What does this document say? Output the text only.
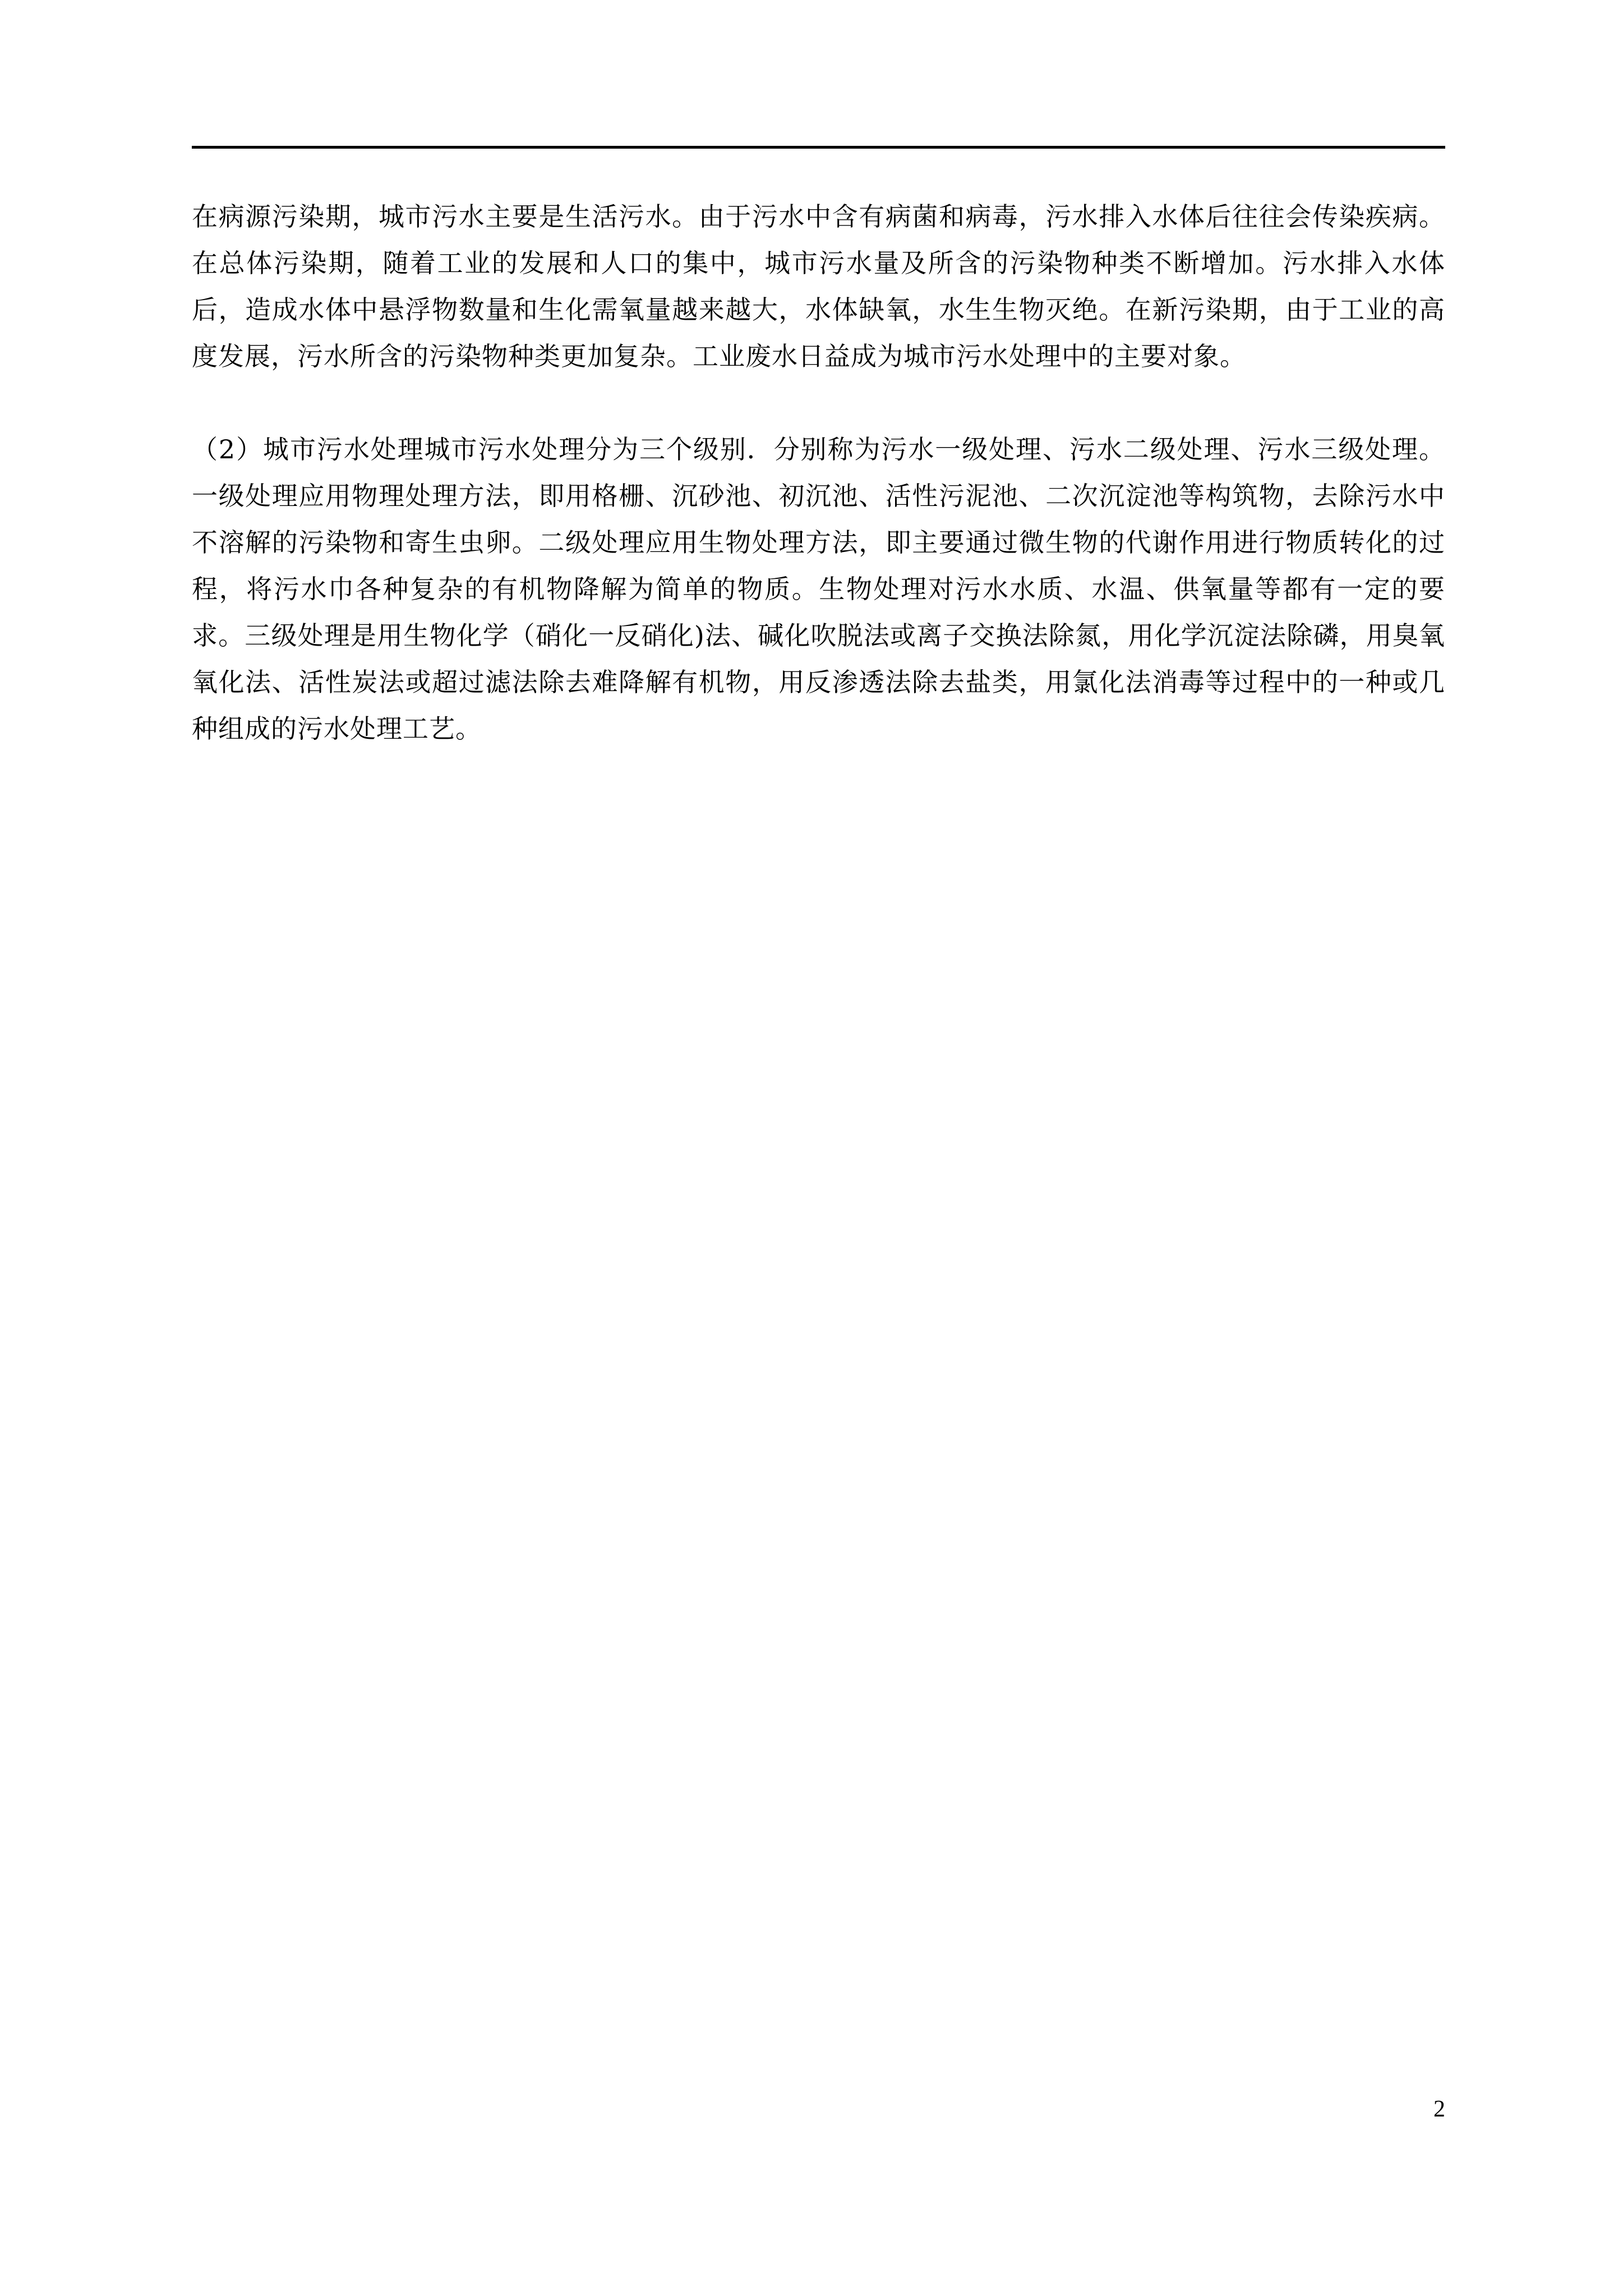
在病源污染期，城市污水主要是生活污水。由于污水中含有病菌和病毒，污水排入水体后往往会传染疾病。在总体污染期，随着工业的发展和人口的集中，城市污水量及所含的污染物种类不断增加。污水排入水体后，造成水体中悬浮物数量和生化需氧量越来越大，水体缺氧，水生生物灭绝。在新污染期，由于工业的高度发展，污水所含的污染物种类更加复杂。工业废水日益成为城市污水处理中的主要对象。

（2）城市污水处理城市污水处理分为三个级别．分别称为污水一级处理、污水二级处理、污水三级处理。一级处理应用物理处理方法，即用格栅、沉砂池、初沉池、活性污泥池、二次沉淀池等构筑物，去除污水中不溶解的污染物和寄生虫卵。二级处理应用生物处理方法，即主要通过微生物的代谢作用进行物质转化的过程，将污水巾各种复杂的有机物降解为简单的物质。生物处理对污水水质、水温、供氧量等都有一定的要求。三级处理是用生物化学（硝化一反硝化)法、碱化吹脱法或离子交换法除氮，用化学沉淀法除磷，用臭氧氧化法、活性炭法或超过滤法除去难降解有机物，用反渗透法除去盐类，用氯化法消毒等过程中的一种或几种组成的污水处理工艺。

2
